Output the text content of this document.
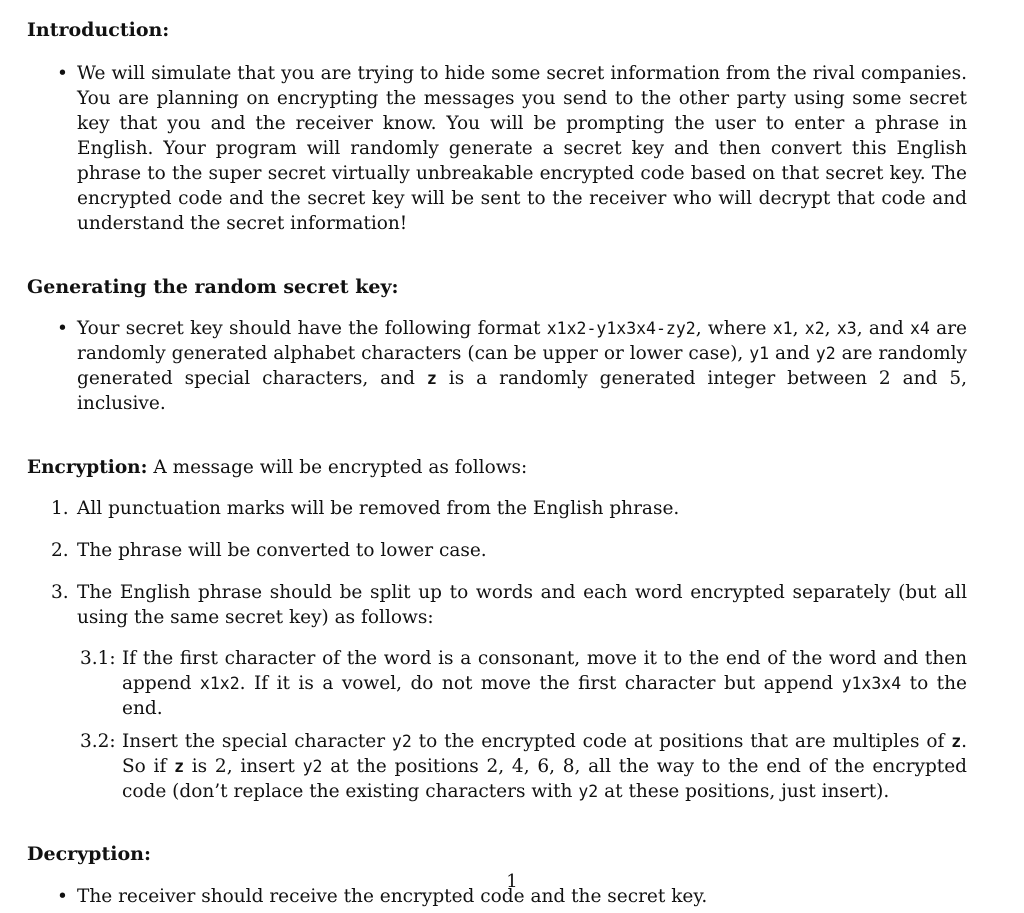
Introduction:

• We will simulate that you are trying to hide some secret information from the rival companies. You are planning on encrypting the messages you send to the other party using some secret key that you and the receiver know. You will be prompting the user to enter a phrase in English. Your program will randomly generate a secret key and then convert this English phrase to the super secret virtually unbreakable encrypted code based on that secret key. The encrypted code and the secret key will be sent to the receiver who will decrypt that code and understand the secret information!

Generating the random secret key:

• Your secret key should have the following format x1x2-y1x3x4-zy2, where x1, x2, x3, and x4 are randomly generated alphabet characters (can be upper or lower case), y1 and y2 are randomly generated special characters, and z is a randomly generated integer between 2 and 5, inclusive.

Encryption: A message will be encrypted as follows:

1. All punctuation marks will be removed from the English phrase.
2. The phrase will be converted to lower case.
3. The English phrase should be split up to words and each word encrypted separately (but all using the same secret key) as follows:
3.1: If the first character of the word is a consonant, move it to the end of the word and then append x1x2. If it is a vowel, do not move the first character but append y1x3x4 to the end.
3.2: Insert the special character y2 to the encrypted code at positions that are multiples of z. So if z is 2, insert y2 at the positions 2, 4, 6, 8, all the way to the end of the encrypted code (don’t replace the existing characters with y2 at these positions, just insert).

Decryption:

• The receiver should receive the encrypted code and the secret key.
1
